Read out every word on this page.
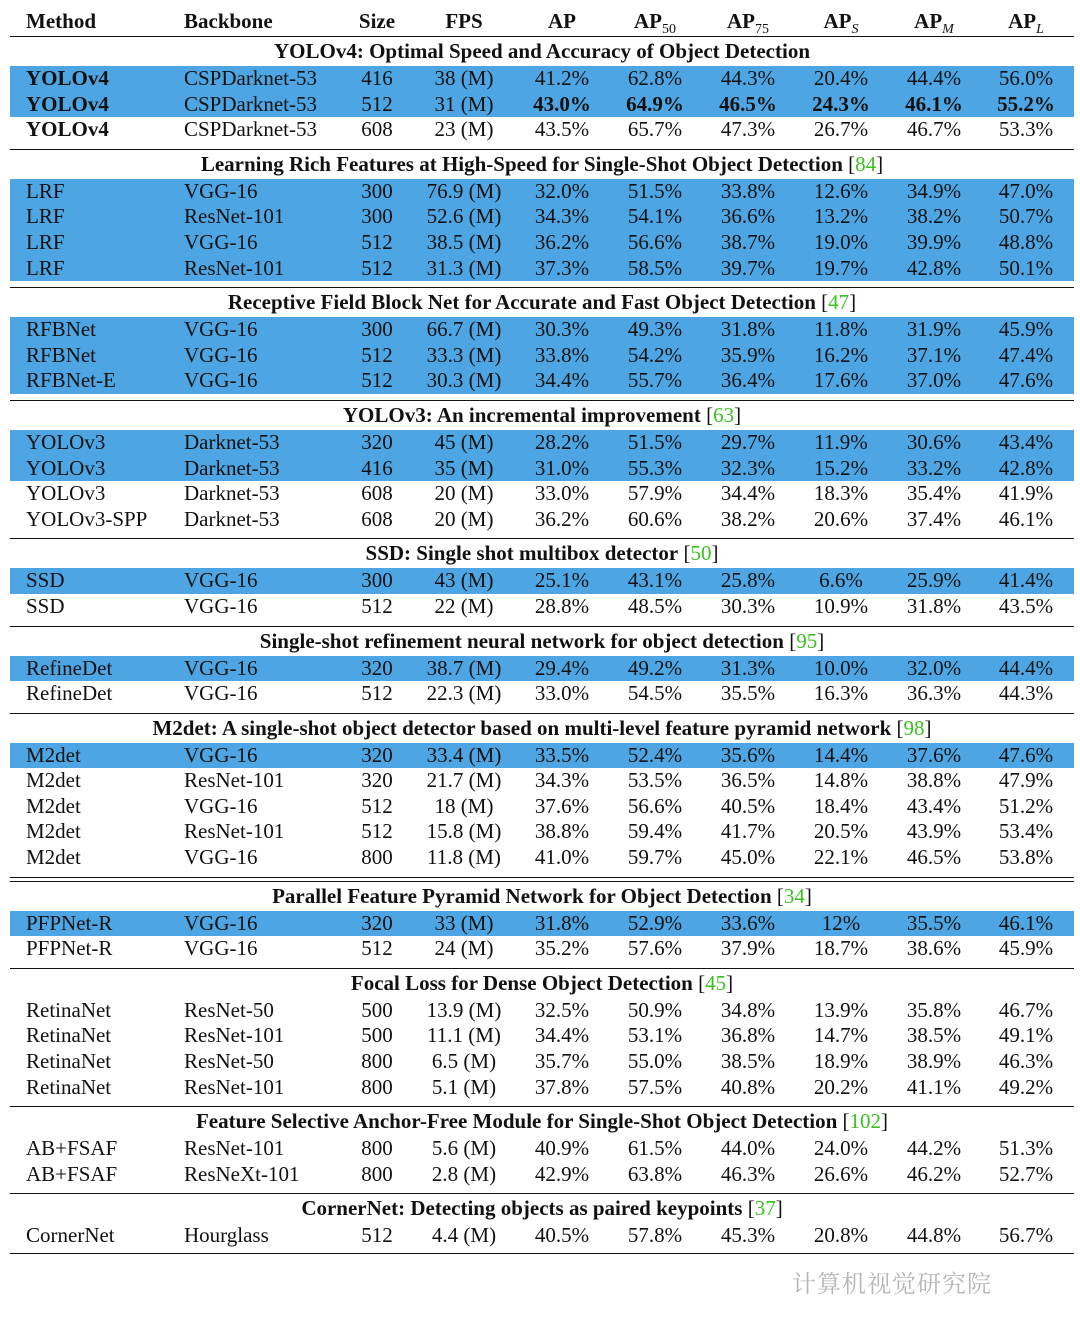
Method	Backbone	Size	FPS	AP	$AP_{50}$	$AP_{75}$	$AP_S$	$AP_M$	$AP_L$
YOLOv4: Optimal Speed and Accuracy of Object Detection
YOLOv4	CSPDarknet-53 416	38 (M)	41.2%	62.8%	44.3%	20.4%	44.4%	56.0%
YOLOv4	CSPDarknet-53 512	31 (M)	43.0%	64.9%	46.5%	24.3%	46.1%	55.2%
YOLOv4	CSPDarknet-53 608	23 (M)	43.5%	65.7%	47.3%	26.7%	46.7%	53.3%
Learning Rich Features at High-Speed for Single-Shot Object Detection [84]
LRF	VGG-16	300	76.9 (M)	32.0%	51.5%	33.8%	12.6%	34.9%	47.0%
LRF	ResNet-101	300	52.6 (M)	34.3%	54.1%	36.6%	13.2%	38.2%	50.7%
LRF	VGG-16	512	38.5 (M)	36.2%	56.6%	38.7%	19.0%	39.9%	48.8%
LRF	ResNet-101	512	31.3 (M)	37.3%	58.5%	39.7%	19.7%	42.8%	50.1%
Receptive Field Block Net for Accurate and Fast Object Detection [47]
RFBNet	VGG-16	300	66.7 (M)	30.3%	49.3%	31.8%	11.8%	31.9%	45.9%
RFBNet	VGG-16	512	33.3 (M)	33.8%	54.2%	35.9%	16.2%	37.1%	47.4%
RFBNet-E	VGG-16	512	30.3 (M)	34.4%	55.7%	36.4%	17.6%	37.0%	47.6%
YOLOv3: An incremental improvement [63]
YOLOv3	Darknet-53	320	45 (M)	28.2%	51.5%	29.7%	11.9%	30.6%	43.4%
YOLOv3	Darknet-53	416	35 (M)	31.0%	55.3%	32.3%	15.2%	33.2%	42.8%
YOLOv3	Darknet-53	608	20 (M)	33.0%	57.9%	34.4%	18.3%	35.4%	41.9%
YOLOv3-SPP Darknet-53	608	20 (M)	36.2%	60.6%	38.2%	20.6%	37.4%	46.1%
SSD: Single shot multibox detector [50]
SSD	VGG-16	300	43 (M)	25.1%	43.1%	25.8%	6.6%	25.9%	41.4%
SSD	VGG-16	512	22 (M)	28.8%	48.5%	30.3%	10.9%	31.8%	43.5%
Single-shot refinement neural network for object detection [95]
RefineDet	VGG-16	320	38.7 (M)	29.4%	49.2%	31.3%	10.0%	32.0%	44.4%
RefineDet	VGG-16	512	22.3 (M)	33.0%	54.5%	35.5%	16.3%	36.3%	44.3%
M2det: A single-shot object detector based on multi-level feature pyramid network [98]
M2det	VGG-16	320	33.4 (M)	33.5%	52.4%	35.6%	14.4%	37.6%	47.6%
M2det	ResNet-101	320	21.7 (M)	34.3%	53.5%	36.5%	14.8%	38.8%	47.9%
M2det	VGG-16	512	18 (M)	37.6%	56.6%	40.5%	18.4%	43.4%	51.2%
M2det	ResNet-101	512	15.8 (M)	38.8%	59.4%	41.7%	20.5%	43.9%	53.4%
M2det	VGG-16	800	11.8 (M)	41.0%	59.7%	45.0%	22.1%	46.5%	53.8%
Parallel Feature Pyramid Network for Object Detection [34]
PFPNet-R	VGG-16	320	33 (M)	31.8%	52.9%	33.6%	12%	35.5%	46.1%
PFPNet-R	VGG-16	512	24 (M)	35.2%	57.6%	37.9%	18.7%	38.6%	45.9%
Focal Loss for Dense Object Detection [45]
RetinaNet	ResNet-50	500	13.9 (M)	32.5%	50.9%	34.8%	13.9%	35.8%	46.7%
RetinaNet	ResNet-101	500	11.1 (M)	34.4%	53.1%	36.8%	14.7%	38.5%	49.1%
RetinaNet	ResNet-50	800	6.5 (M)	35.7%	55.0%	38.5%	18.9%	38.9%	46.3%
RetinaNet	ResNet-101	800	5.1 (M)	37.8%	57.5%	40.8%	20.2%	41.1%	49.2%
Feature Selective Anchor-Free Module for Single-Shot Object Detection [102]
AB+FSAF	ResNet-101	800	5.6 (M)	40.9%	61.5%	44.0%	24.0%	44.2%	51.3%
AB+FSAF	ResNeXt-101	800	2.8 (M)	42.9%	63.8%	46.3%	26.6%	46.2%	52.7%
CornerNet: Detecting objects as paired keypoints [37]
CornerNet	Hourglass	512	4.4 (M)	40.5%	57.8%	45.3%	20.8%	44.8%	56.7%
计算机视觉研究院
